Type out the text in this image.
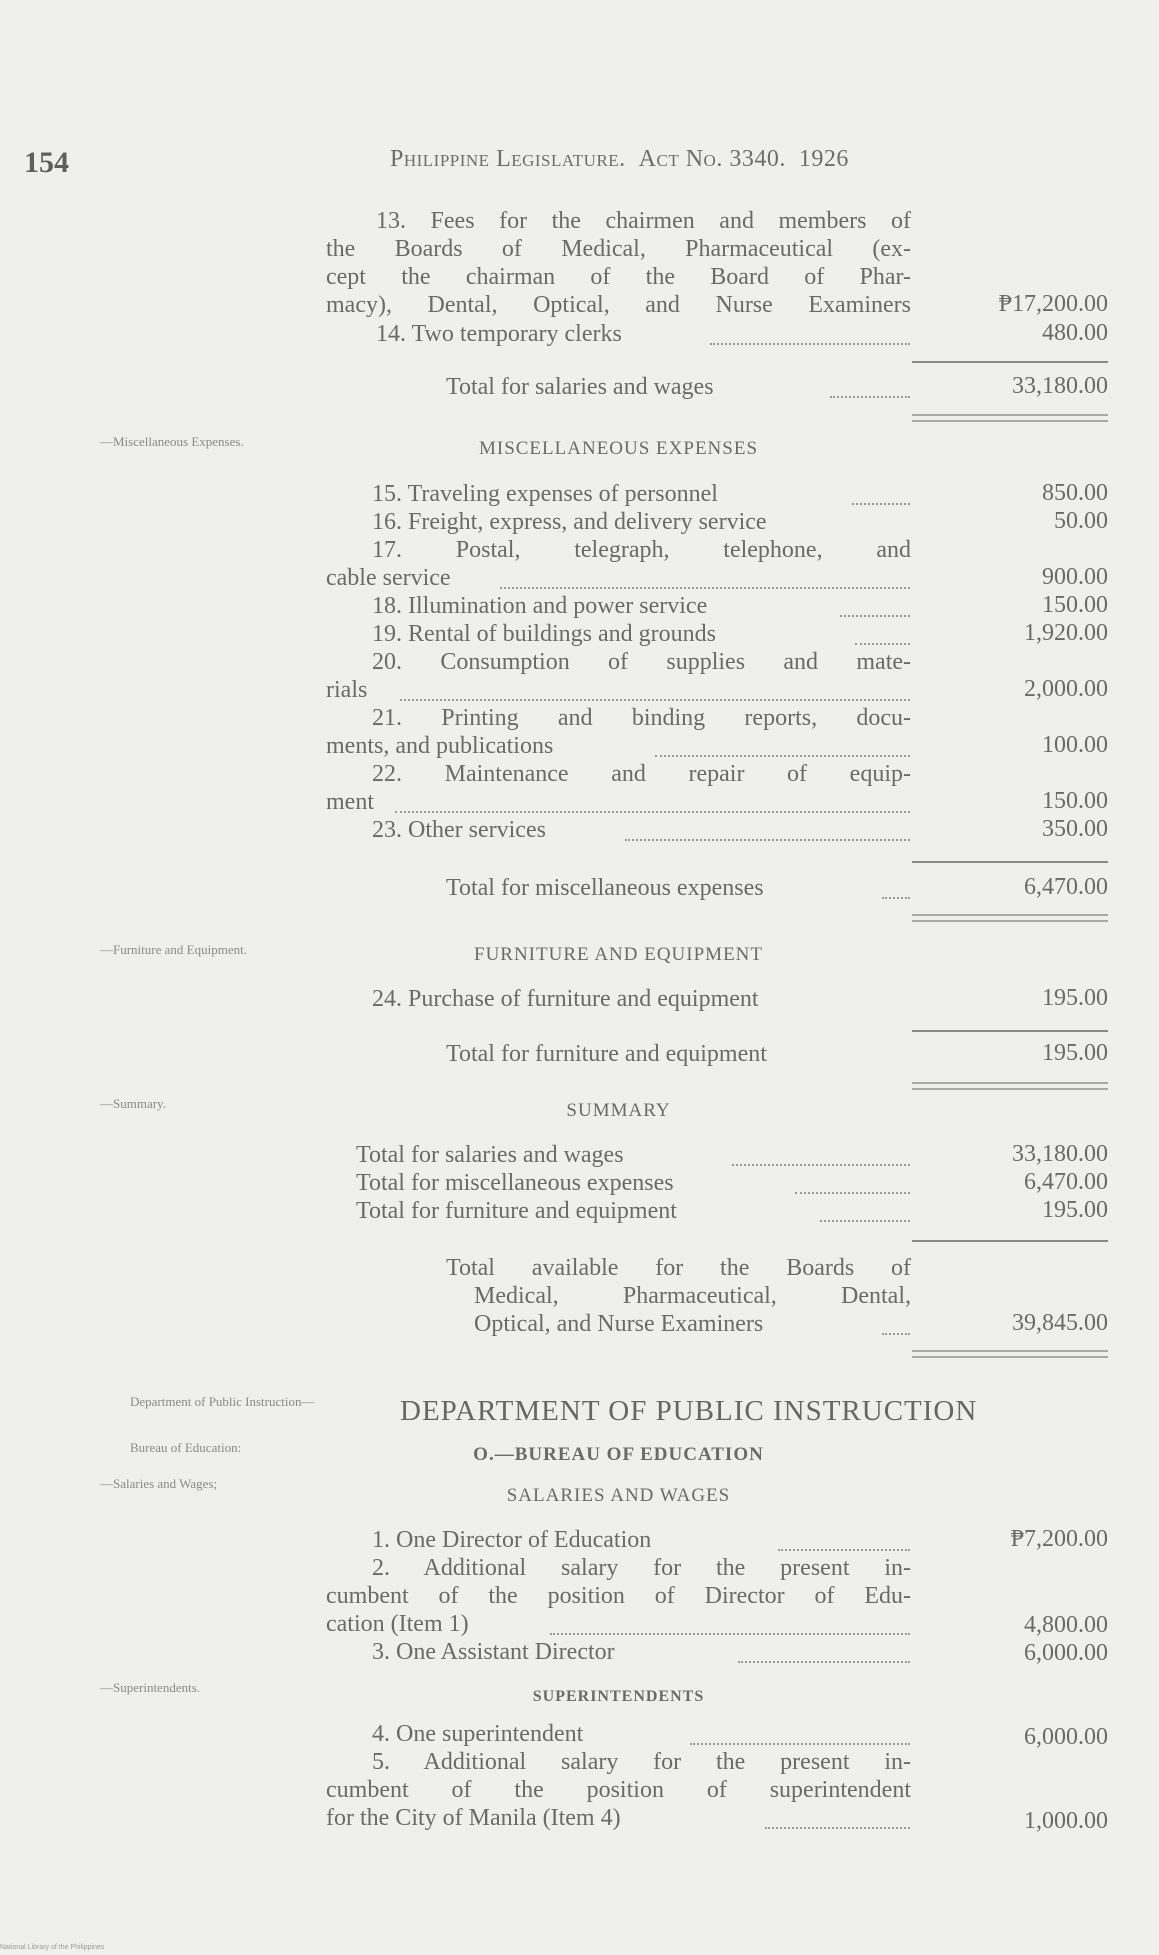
154	Philippine Legislature. Act No. 3340. 1926
13. Fees for the chairmen and members of
the Boards of Medical, Pharmaceutical (ex-
cept the chairman of the Board of Phar-
macy), Dental, Optical, and Nurse Examiners	₱17,200.00
14. Two temporary clerks	480.00
Total for salaries and wages	33,180.00
—Miscellaneous Expenses.	MISCELLANEOUS EXPENSES
15. Traveling expenses of personnel	850.00
16. Freight, express, and delivery service	50.00
17. Postal, telegraph, telephone, and
cable service	900.00
18. Illumination and power service	150.00
19. Rental of buildings and grounds	1,920.00
20. Consumption of supplies and mate-
rials	2,000.00
21. Printing and binding reports, docu-
ments, and publications	100.00
22. Maintenance and repair of equip-
ment	150.00
23. Other services	350.00
Total for miscellaneous expenses	6,470.00
—Furniture and Equipment.	FURNITURE AND EQUIPMENT
24. Purchase of furniture and equipment	195.00
Total for furniture and equipment	195.00
—Summary.	SUMMARY
Total for salaries and wages	33,180.00
Total for miscellaneous expenses	6,470.00
Total for furniture and equipment	195.00
Total available for the Boards of
Medical, Pharmaceutical, Dental,
Optical, and Nurse Examiners	39,845.00
Department of Public Instruction—
Bureau of Education:
—Salaries and Wages;
DEPARTMENT OF PUBLIC INSTRUCTION
O.—BUREAU OF EDUCATION
SALARIES AND WAGES
1. One Director of Education	₱7,200.00
2. Additional salary for the present in-
cumbent of the position of Director of Edu-
cation (Item 1)	4,800.00
3. One Assistant Director	6,000.00
—Superintendents.
SUPERINTENDENTS
4. One superintendent	6,000.00
5. Additional salary for the present in-
cumbent of the position of superintendent
for the City of Manila (Item 4)	1,000.00
National Library of the Philippines
